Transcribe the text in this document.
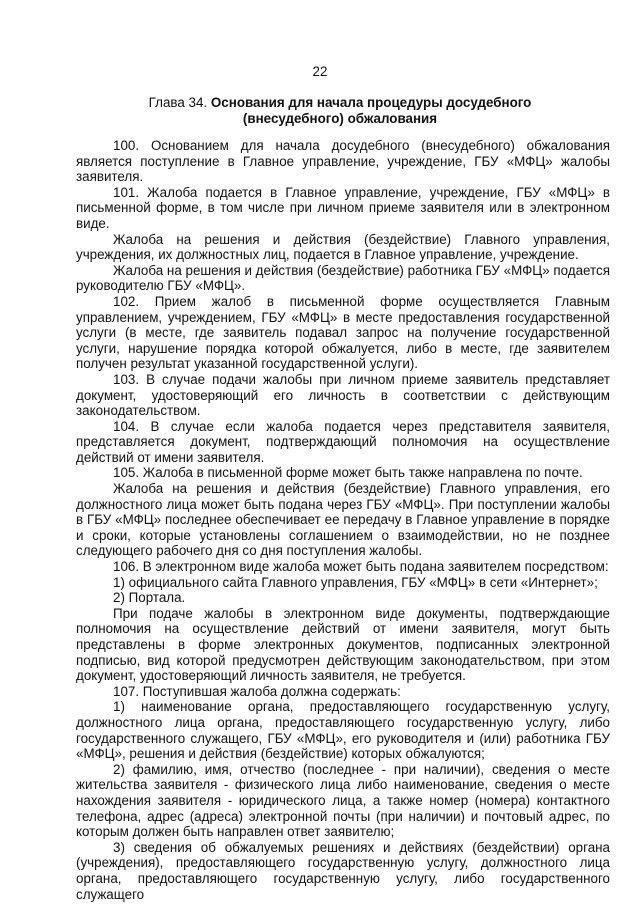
22
Глава 34. Основания для начала процедуры досудебного (внесудебного) обжалования

100. Основанием для начала досудебного (внесудебного) обжалования является поступление в Главное управление, учреждение, ГБУ «МФЦ» жалобы заявителя.

101. Жалоба подается в Главное управление, учреждение, ГБУ «МФЦ» в письменной форме, в том числе при личном приеме заявителя или в электронном виде.

Жалоба на решения и действия (бездействие) Главного управления, учреждения, их должностных лиц, подается в Главное управление, учреждение.

Жалоба на решения и действия (бездействие) работника ГБУ «МФЦ» подается руководителю ГБУ «МФЦ».

102. Прием жалоб в письменной форме осуществляется Главным управлением, учреждением, ГБУ «МФЦ» в месте предоставления государственной услуги (в месте, где заявитель подавал запрос на получение государственной услуги, нарушение порядка которой обжалуется, либо в месте, где заявителем получен результат указанной государственной услуги).

103. В случае подачи жалобы при личном приеме заявитель представляет документ, удостоверяющий его личность в соответствии с действующим законодательством.

104. В случае если жалоба подается через представителя заявителя, представляется документ, подтверждающий полномочия на осуществление действий от имени заявителя.

105. Жалоба в письменной форме может быть также направлена по почте.

Жалоба на решения и действия (бездействие) Главного управления, его должностного лица может быть подана через ГБУ «МФЦ». При поступлении жалобы в ГБУ «МФЦ» последнее обеспечивает ее передачу в Главное управление в порядке и сроки, которые установлены соглашением о взаимодействии, но не позднее следующего рабочего дня со дня поступления жалобы.

106. В электронном виде жалоба может быть подана заявителем посредством:

1) официального сайта Главного управления, ГБУ «МФЦ» в сети «Интернет»;

2) Портала.

При подаче жалобы в электронном виде документы, подтверждающие полномочия на осуществление действий от имени заявителя, могут быть представлены в форме электронных документов, подписанных электронной подписью, вид которой предусмотрен действующим законодательством, при этом документ, удостоверяющий личность заявителя, не требуется.

107. Поступившая жалоба должна содержать:

1) наименование органа, предоставляющего государственную услугу, должностного лица органа, предоставляющего государственную услугу, либо государственного служащего, ГБУ «МФЦ», его руководителя и (или) работника ГБУ «МФЦ», решения и действия (бездействие) которых обжалуются;

2) фамилию, имя, отчество (последнее - при наличии), сведения о месте жительства заявителя - физического лица либо наименование, сведения о месте нахождения заявителя - юридического лица, а также номер (номера) контактного телефона, адрес (адреса) электронной почты (при наличии) и почтовый адрес, по которым должен быть направлен ответ заявителю;

3) сведения об обжалуемых решениях и действиях (бездействии) органа (учреждения), предоставляющего государственную услугу, должностного лица органа, предоставляющего государственную услугу, либо государственного служащего
